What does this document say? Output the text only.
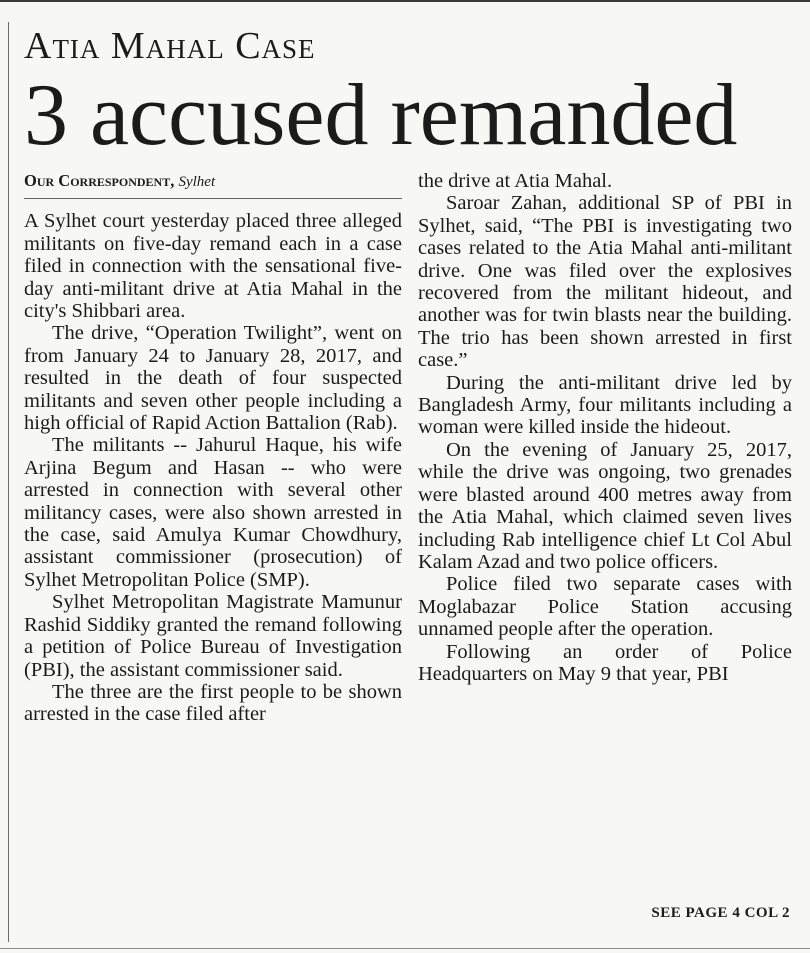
Atia Mahal Case
3 accused remanded
Our Correspondent, Sylhet

A Sylhet court yesterday placed three alleged militants on five-day remand each in a case filed in connection with the sensational five-day anti-militant drive at Atia Mahal in the city's Shibbari area.

The drive, “Operation Twilight”, went on from January 24 to January 28, 2017, and resulted in the death of four suspected militants and seven other people including a high official of Rapid Action Battalion (Rab).

The militants -- Jahurul Haque, his wife Arjina Begum and Hasan -- who were arrested in connection with several other militancy cases, were also shown arrested in the case, said Amulya Kumar Chowdhury, assistant commissioner (prosecution) of Sylhet Metropolitan Police (SMP).

Sylhet Metropolitan Magistrate Mamunur Rashid Siddiky granted the remand following a petition of Police Bureau of Investigation (PBI), the assistant commissioner said.

The three are the first people to be shown arrested in the case filed after

the drive at Atia Mahal.

Saroar Zahan, additional SP of PBI in Sylhet, said, “The PBI is investigating two cases related to the Atia Mahal anti-militant drive. One was filed over the explosives recovered from the militant hideout, and another was for twin blasts near the building. The trio has been shown arrested in first case.”

During the anti-militant drive led by Bangladesh Army, four militants including a woman were killed inside the hideout.

On the evening of January 25, 2017, while the drive was ongoing, two grenades were blasted around 400 metres away from the Atia Mahal, which claimed seven lives including Rab intelligence chief Lt Col Abul Kalam Azad and two police officers.

Police filed two separate cases with Moglabazar Police Station accusing unnamed people after the operation.

Following an order of Police Headquarters on May 9 that year, PBI

SEE PAGE 4 COL 2
